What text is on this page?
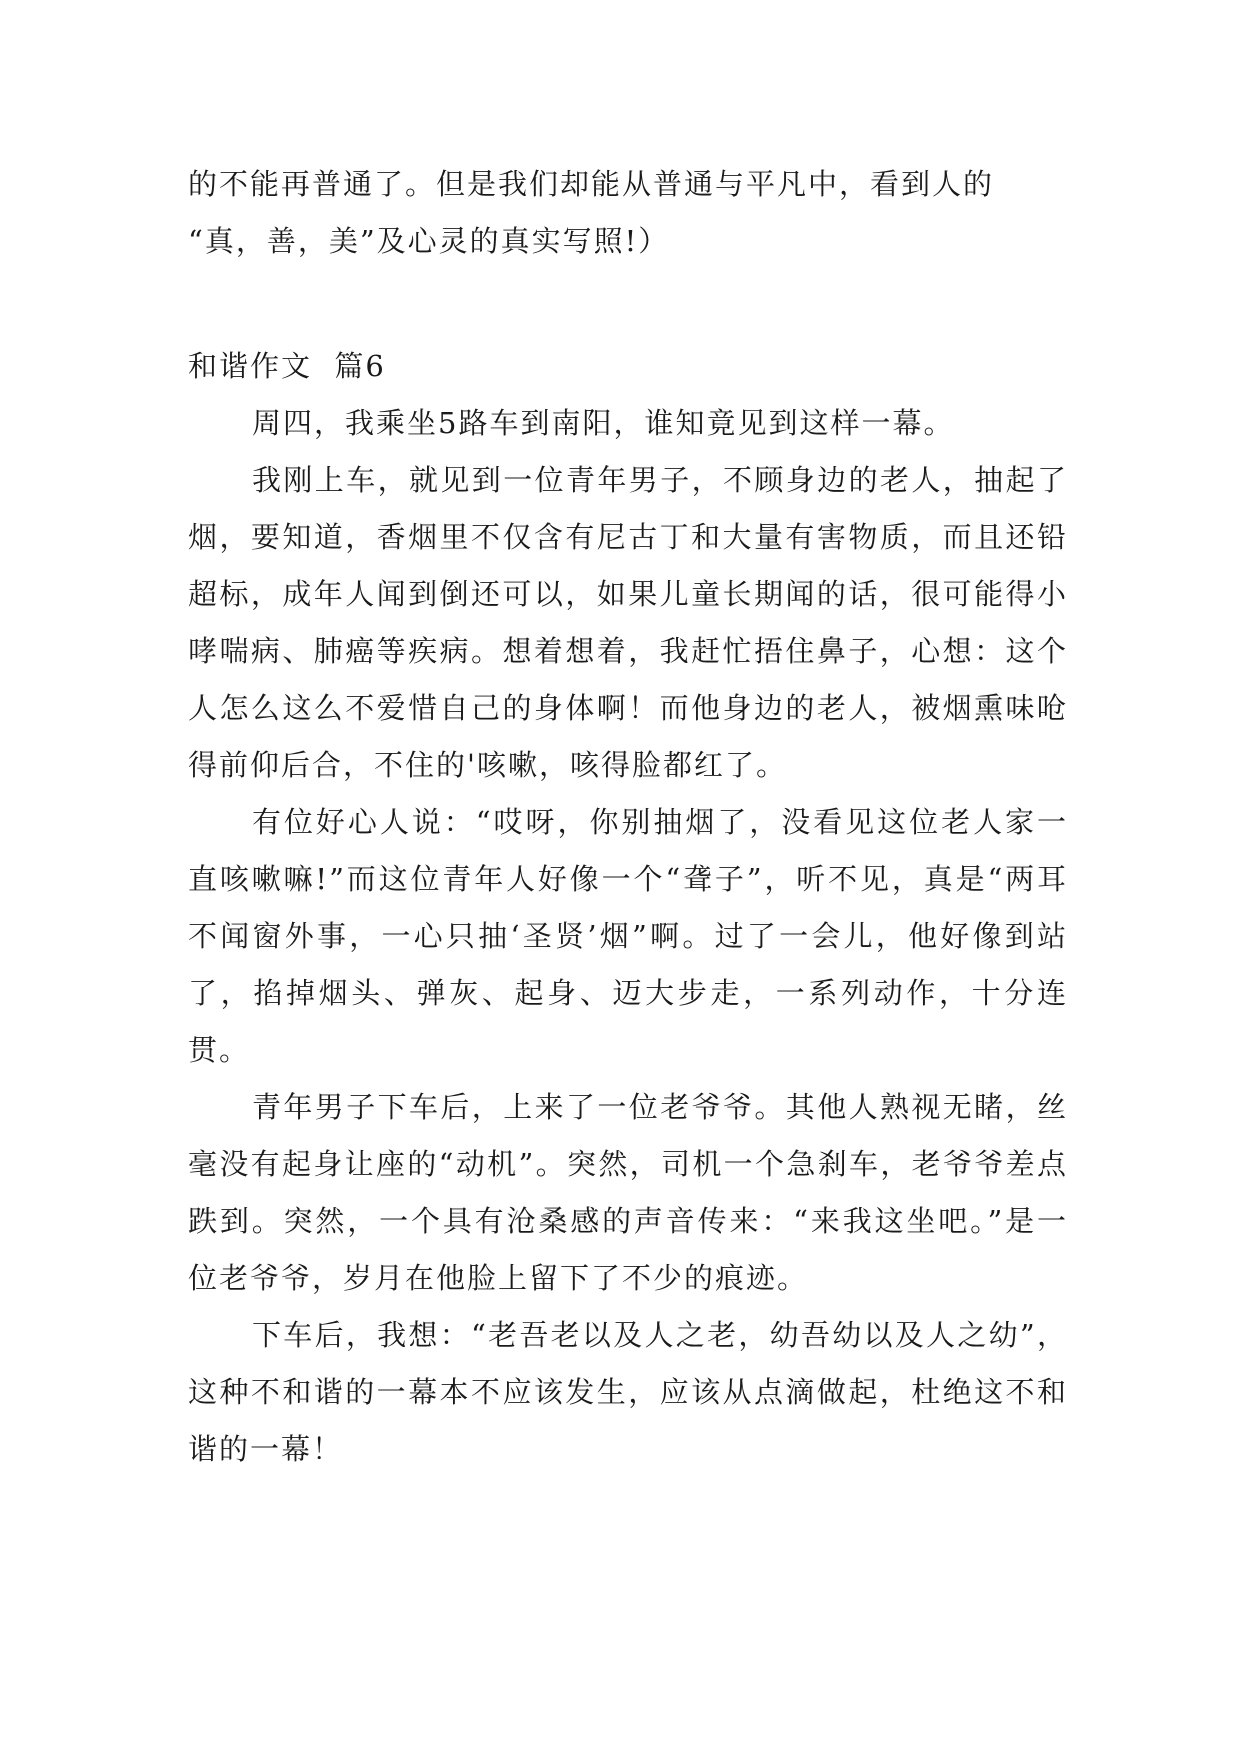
的不能再普通了。但是我们却能从普通与平凡中，看到人的

“真，善，美”及心灵的真实写照!）

和谐作文  篇6

周四，我乘坐5路车到南阳，谁知竟见到这样一幕。

我刚上车，就见到一位青年男子，不顾身边的老人，抽起了烟，要知道，香烟里不仅含有尼古丁和大量有害物质，而且还铅超标，成年人闻到倒还可以，如果儿童长期闻的话，很可能得小哮喘病、肺癌等疾病。想着想着，我赶忙捂住鼻子，心想：这个人怎么这么不爱惜自己的身体啊！而他身边的老人，被烟熏味呛得前仰后合，不住的'咳嗽，咳得脸都红了。

有位好心人说：“哎呀，你别抽烟了，没看见这位老人家一直咳嗽嘛!”而这位青年人好像一个“聋子”，听不见，真是“两耳不闻窗外事，一心只抽‘圣贤’烟”啊。过了一会儿，他好像到站了，掐掉烟头、弹灰、起身、迈大步走，一系列动作，十分连贯。

青年男子下车后，上来了一位老爷爷。其他人熟视无睹，丝毫没有起身让座的“动机”。突然，司机一个急刹车，老爷爷差点跌到。突然，一个具有沧桑感的声音传来：“来我这坐吧。”是一位老爷爷，岁月在他脸上留下了不少的痕迹。

下车后，我想：“老吾老以及人之老，幼吾幼以及人之幼”，这种不和谐的一幕本不应该发生，应该从点滴做起，杜绝这不和谐的一幕！
